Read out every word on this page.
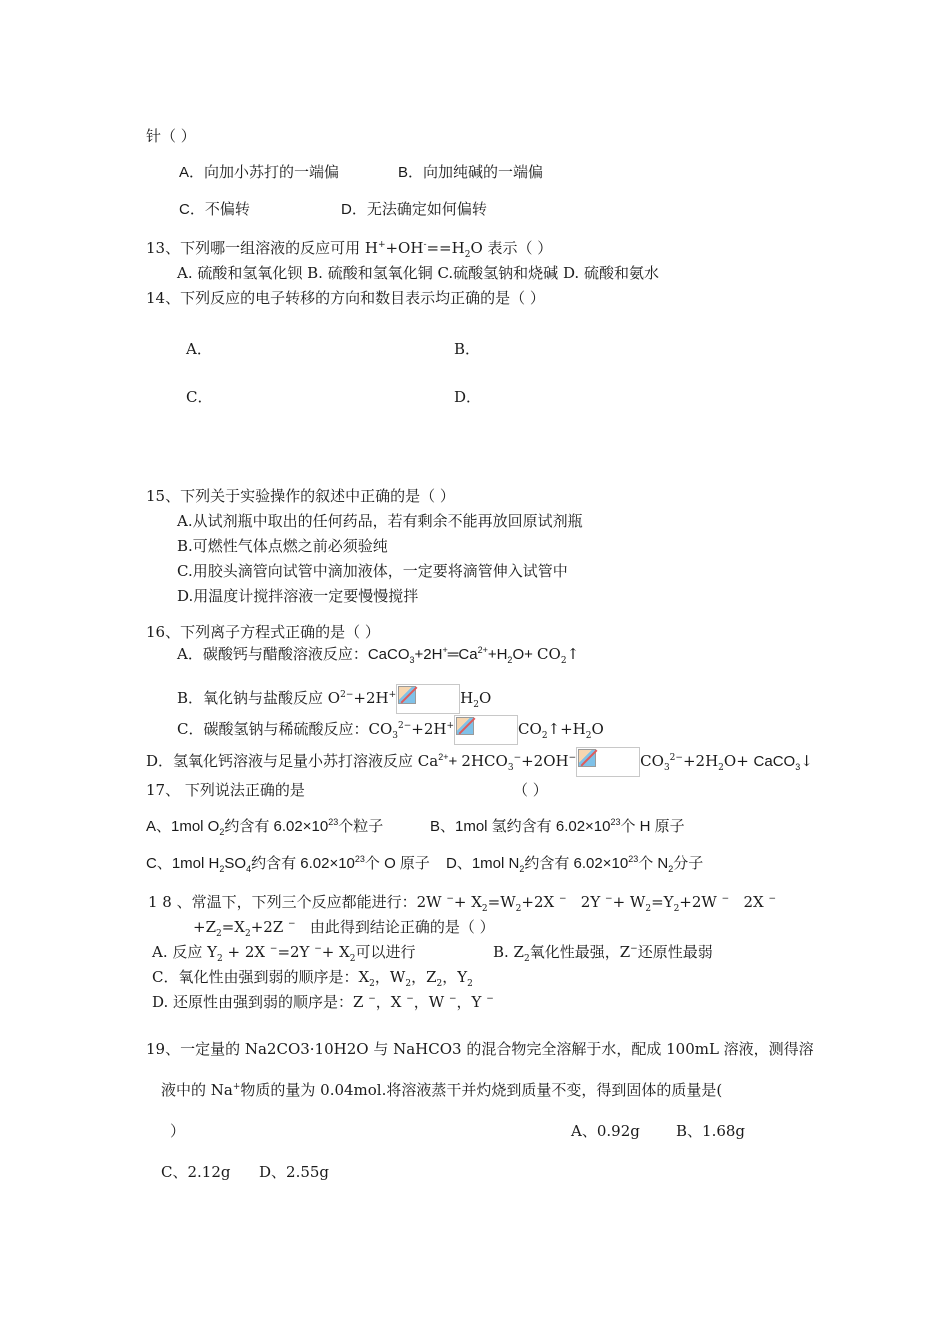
针（ ）
A．向加小苏打的一端偏	B．向加纯碱的一端偏
C．不偏转	D．无法确定如何偏转
13、下列哪一组溶液的反应可用 $H^++OH^-==H_2O$ 表示（ ）
A. 硫酸和氢氧化钡 B. 硫酸和氢氧化铜 C.硫酸氢钠和烧碱 D. 硫酸和氨水
14、下列反应的电子转移的方向和数目表示均正确的是（ ）
A．	B．
C．	D．
15、下列关于实验操作的叙述中正确的是（ ）
A.从试剂瓶中取出的任何药品，若有剩余不能再放回原试剂瓶
B.可燃性气体点燃之前必须验纯
C.用胶头滴管向试管中滴加液体，一定要将滴管伸入试管中
D.用温度计搅拌溶液一定要慢慢搅拌
16、下列离子方程式正确的是（ ）
A．碳酸钙与醋酸溶液反应：$CaCO_3+2H^+═Ca^{2+}+H_2O+$ $CO_2↑$
B．氧化钠与盐酸反应 $O^{2-}+2H^+$	$H_2O$
C．碳酸氢钠与稀硫酸反应：$CO_3^{2-}+2H^+$	$CO_2↑+H_2O$
D．氢氧化钙溶液与足量小苏打溶液反应 $Ca^{2+}+ 2HCO_3^-+2OH^-$	$CO_3^{2-}+2H_2O+$ CaCO$_3$↓
17、 下列说法正确的是	（ ）
A、1mol $O_2$约含有 $6.02\times 10^{23}$个粒子	B、1mol 氢约含有 $6.02\times 10^{23}$个 H 原子
C、1mol $H_2SO_4$约含有 $6.02\times 10^{23}$个 O 原子 D、1mol $N_2$约含有 $6.02\times 10^{23}$个 $N_2$分子
1 8 、常温下，下列三个反应都能进行：2W $^-+ X_2=W_2+2X$ −   2Y $^-+ W_2=Y_2+2W$ −   2X −
$+Z_2=X_2+2Z$ − 由此得到结论正确的是（ ）
A. 反应 $Y_2 + 2X$ −=2Y $^-+ X_2$可以进行	B. $Z_2$氧化性最强，Z−还原性最弱
C．氧化性由强到弱的顺序是：$X_2$，$W_2$，$Z_2$，$Y_2$
D. 还原性由强到弱的顺序是：Z −，X −，W −，Y −
19、一定量的 Na2CO3·10H2O 与 NaHCO3 的混合物完全溶解于水，配成 100mL 溶液，测得溶
液中的 Na+物质的量为 0.04mol.将溶液蒸干并灼烧到质量不变，得到固体的质量是(
）	A、0.92g B、1.68g
C、2.12g D、2.55g
